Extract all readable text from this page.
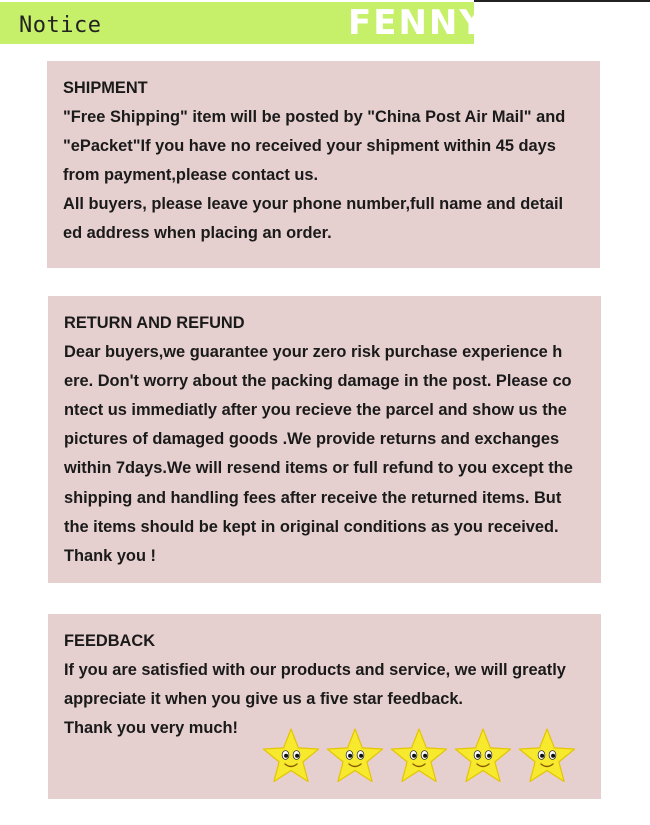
Notice	FENNY

SHIPMENT

"Free Shipping" item will be posted by "China Post Air Mail" and

"ePacket"If you have no received your shipment within 45 days

from payment,please contact us.

All buyers, please leave your phone number,full name and detail

ed address when placing an order.

RETURN AND REFUND

Dear buyers,we guarantee your zero risk purchase experience h

ere. Don't worry about the packing damage in the post. Please co

ntect us immediatly after you recieve the parcel and show us the

pictures of damaged goods .We provide returns and exchanges

within 7days.We will resend items or full refund to you except the

shipping and handling fees after receive the returned items. But

the items should be kept in original conditions as you received.

Thank you !

FEEDBACK

If you are satisfied with our products and service, we will greatly

appreciate it when you give us a five star feedback.

Thank you very much!
